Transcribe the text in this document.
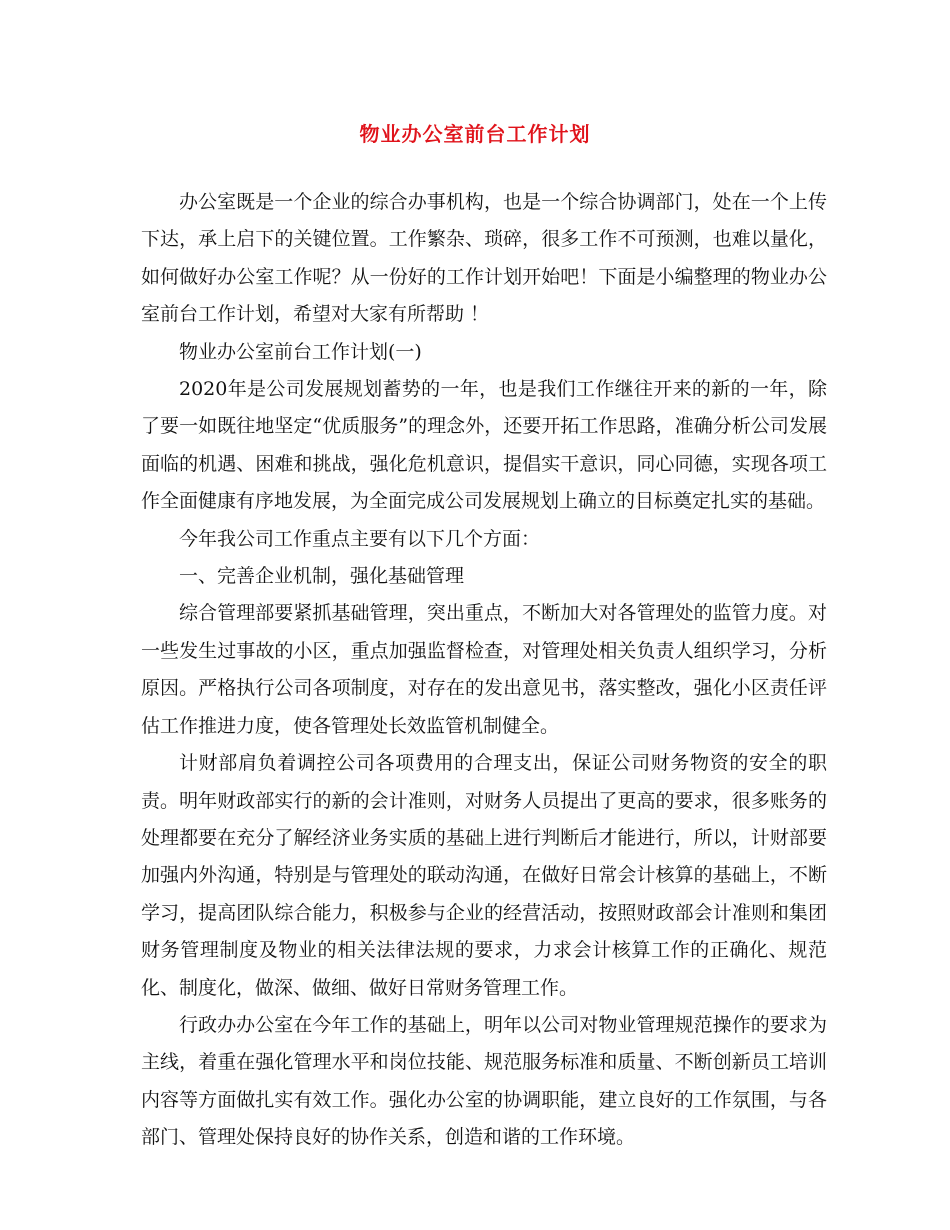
物业办公室前台工作计划

办公室既是一个企业的综合办事机构，也是一个综合协调部门，处在一个上传下达，承上启下的关键位置。工作繁杂、琐碎，很多工作不可预测，也难以量化，如何做好办公室工作呢？从一份好的工作计划开始吧！下面是小编整理的物业办公室前台工作计划，希望对大家有所帮助 ！

物业办公室前台工作计划(一)

2020年是公司发展规划蓄势的一年，也是我们工作继往开来的新的一年，除了要一如既往地坚定“优质服务”的理念外，还要开拓工作思路，准确分析公司发展面临的机遇、困难和挑战，强化危机意识，提倡实干意识，同心同德，实现各项工作全面健康有序地发展，为全面完成公司发展规划上确立的目标奠定扎实的基础。

今年我公司工作重点主要有以下几个方面：

一、完善企业机制，强化基础管理

综合管理部要紧抓基础管理，突出重点，不断加大对各管理处的监管力度。对一些发生过事故的小区，重点加强监督检查，对管理处相关负责人组织学习，分析原因。严格执行公司各项制度，对存在的发出意见书，落实整改，强化小区责任评估工作推进力度，使各管理处长效监管机制健全。

计财部肩负着调控公司各项费用的合理支出，保证公司财务物资的安全的职责。明年财政部实行的新的会计准则，对财务人员提出了更高的要求，很多账务的处理都要在充分了解经济业务实质的基础上进行判断后才能进行，所以，计财部要加强内外沟通，特别是与管理处的联动沟通，在做好日常会计核算的基础上，不断学习，提高团队综合能力，积极参与企业的经营活动，按照财政部会计准则和集团财务管理制度及物业的相关法律法规的要求，力求会计核算工作的正确化、规范化、制度化，做深、做细、做好日常财务管理工作。

行政办办公室在今年工作的基础上，明年以公司对物业管理规范操作的要求为主线，着重在强化管理水平和岗位技能、规范服务标准和质量、不断创新员工培训内容等方面做扎实有效工作。强化办公室的协调职能，建立良好的工作氛围，与各部门、管理处保持良好的协作关系，创造和谐的工作环境。
